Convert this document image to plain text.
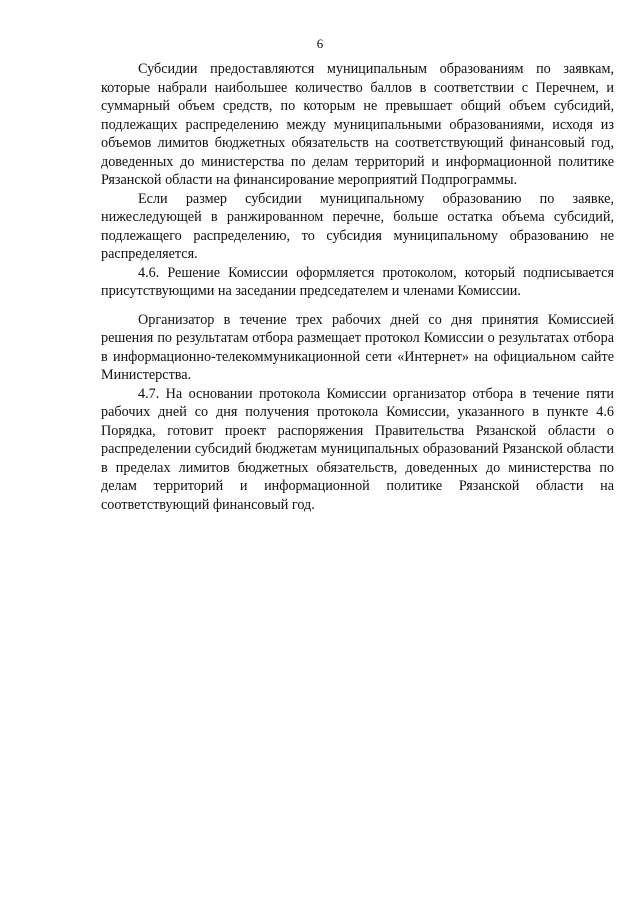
6

Субсидии предоставляются муниципальным образованиям по заявкам, которые набрали наибольшее количество баллов в соответствии с Перечнем, и суммарный объем средств, по которым не превышает общий объем субсидий, подлежащих распределению между муниципальными образованиями, исходя из объемов лимитов бюджетных обязательств на соответствующий финансовый год, доведенных до министерства по делам территорий и информационной политике Рязанской области на финансирование мероприятий Подпрограммы.

Если размер субсидии муниципальному образованию по заявке, нижеследующей в ранжированном перечне, больше остатка объема субсидий, подлежащего распределению, то субсидия муниципальному образованию не распределяется.

4.6. Решение Комиссии оформляется протоколом, который подписывается присутствующими на заседании председателем и членами Комиссии.

Организатор в течение трех рабочих дней со дня принятия Комиссией решения по результатам отбора размещает протокол Комиссии о результатах отбора в информационно-телекоммуникационной сети «Интернет» на официальном сайте Министерства.

4.7. На основании протокола Комиссии организатор отбора в течение пяти рабочих дней со дня получения протокола Комиссии, указанного в пункте 4.6 Порядка, готовит проект распоряжения Правительства Рязанской области о распределении субсидий бюджетам муниципальных образований Рязанской области в пределах лимитов бюджетных обязательств, доведенных до министерства по делам территорий и информационной политике Рязанской области на соответствующий финансовый год.
